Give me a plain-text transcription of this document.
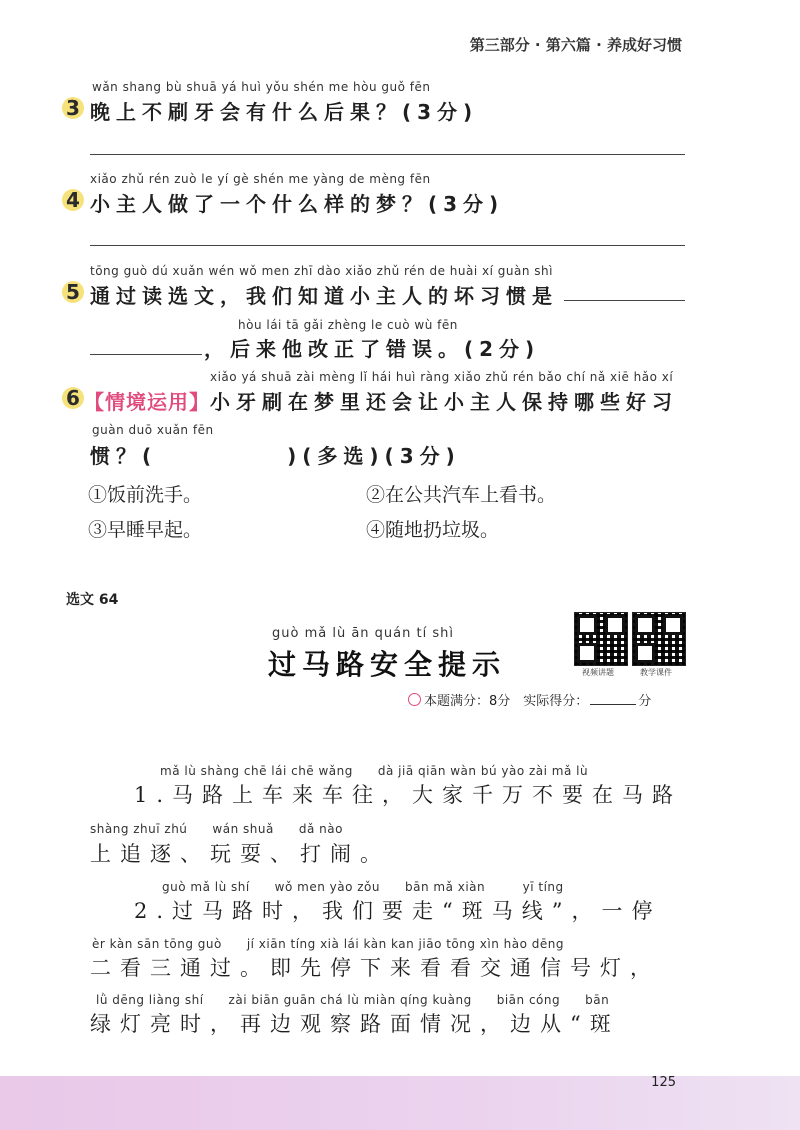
第三部分 · 第六篇 · 养成好习惯
wǎn shang bù shuā yá huì yǒu shén me hòu guǒ fēn
3 晚上不刷牙会有什么后果？(3分)
xiǎo zhǔ rén zuò le yí gè shén me yàng de mèng fēn
4 小主人做了一个什么样的梦？(3分)
tōng guò dú xuǎn wén wǒ men zhī dào xiǎo zhǔ rén de huài xí guàn shì
5 通过读选文，我们知道小主人的坏习惯是
hòu lái tā gǎi zhèng le cuò wù fēn
，后来他改正了错误。(2分)
xiǎo yá shuā zài mèng lǐ hái huì ràng xiǎo zhǔ rén bǎo chí nǎ xiē hǎo xí
6 【情境运用】 小牙刷在梦里还会让小主人保持哪些好习
guàn duō xuǎn fēn
惯？(　　　　　)(多选)(3分)
①饭前洗手。	②在公共汽车上看书。
③早睡早起。	④随地扔垃圾。
选文 64
guò mǎ lù ān quán tí shì
过马路安全提示	视频讲题	教学课件
本题满分：8分　实际得分：	分
mǎ lù shàng chē lái chē wǎng　　dà jiā qiān wàn bú yào zài mǎ lù
1.马路上车来车往，大家千万不要在马路
shàng zhuī zhú　　wán shuǎ　　dǎ nào
上追逐、玩耍、打闹。
guò mǎ lù shí　　wǒ men yào zǒu　　bān mǎ xiàn　　　yī tíng
2.过马路时，我们要走“斑马线”，一停
èr kàn sān tōng guò　　jí xiān tíng xià lái kàn kan jiāo tōng xìn hào dēng
二看三通过。即先停下来看看交通信号灯，
lǜ dēng liàng shí　　zài biān guān chá lù miàn qíng kuàng　　biān cóng　　bān
绿灯亮时，再边观察路面情况，边从“斑
125
